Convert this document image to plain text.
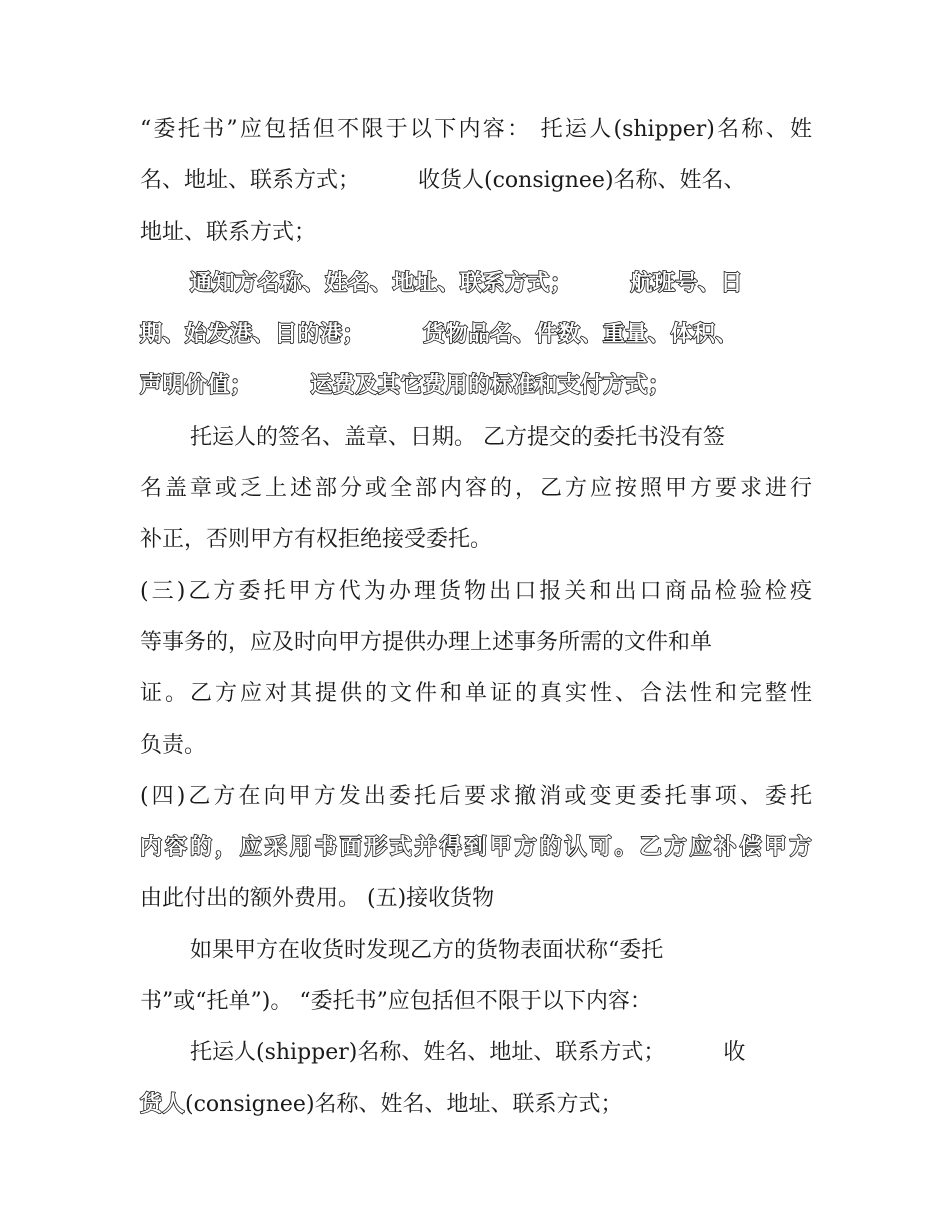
“委托书”应包括但不限于以下内容： 托运人(shipper)名称、姓
名、地址、联系方式；	收货人(consignee)名称、姓名、
地址、联系方式；
通知方名称、姓名、地址、联系方式；	航班号、日
期、始发港、目的港；	货物品名、件数、重量、体积、
声明价值；	运费及其它费用的标准和支付方式；
托运人的签名、盖章、日期。 乙方提交的委托书没有签
名盖章或乏上述部分或全部内容的，乙方应按照甲方要求进行
补正，否则甲方有权拒绝接受委托。
(三)乙方委托甲方代为办理货物出口报关和出口商品检验检疫
等事务的，应及时向甲方提供办理上述事务所需的文件和单
证。乙方应对其提供的文件和单证的真实性、合法性和完整性
负责。
(四)乙方在向甲方发出委托后要求撤消或变更委托事项、委托
内容的，应采用书面形式并得到甲方的认可。乙方应补偿甲方
由此付出的额外费用。 (五)接收货物
如果甲方在收货时发现乙方的货物表面状称“委托
书”或“托单”)。 “委托书”应包括但不限于以下内容：
托运人(shipper)名称、姓名、地址、联系方式；	收
货人(consignee)名称、姓名、地址、联系方式；
